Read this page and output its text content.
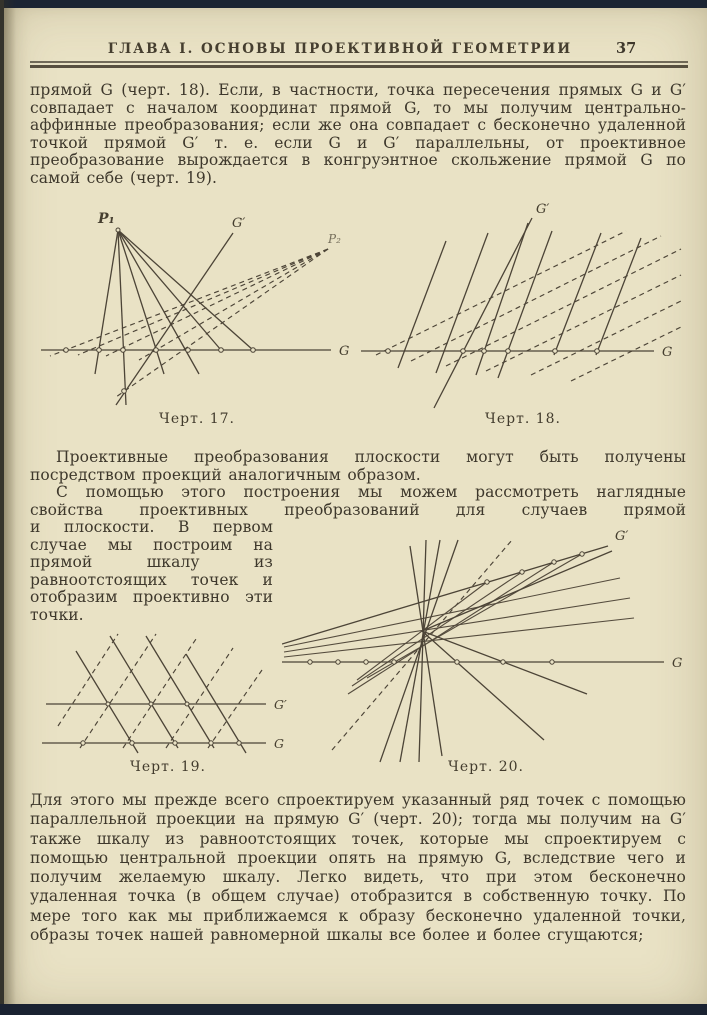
ГЛАВА I. ОСНОВЫ ПРОЕКТИВНОЙ ГЕОМЕТРИИ	37
прямой G (черт. 18). Если, в частности, точка пересечения прямых G и G′ совпадает с началом координат прямой G, то мы получим центрально-аффинные преобразования; если же она совпадает с бесконечно удаленной точкой прямой G′ т. е. если G и G′ параллельны, от проективное преобразование вырождается в конгруэнтное скольжение прямой G по самой себе (черт. 19).
P₁
P₂
G′
G
Черт. 17.
G′
G
Черт. 18.
Проективные преобразования плоскости могут быть получены посредством проекций аналогичным образом.
С помощью этого построения мы можем рассмотреть наглядные свойства проективных преобразований для случаев прямой
и плоскости. В первом случае мы построим на прямой шкалу из равноотстоящих точек и отобразим проективно эти точки.
G′
G
Черт. 19.
G′
G
Черт. 20.
Для этого мы прежде всего спроектируем указанный ряд точек с помощью параллельной проекции на прямую G′ (черт. 20); тогда мы получим на G′ также шкалу из равноотстоящих точек, которые мы спроектируем с помощью центральной проекции опять на прямую G, вследствие чего и получим желаемую шкалу. Легко видеть, что при этом бесконечно удаленная точка (в общем случае) отобразится в собственную точку. По мере того как мы приближаемся к образу бесконечно удаленной точки, образы точек нашей равномерной шкалы все более и более сгущаются;
